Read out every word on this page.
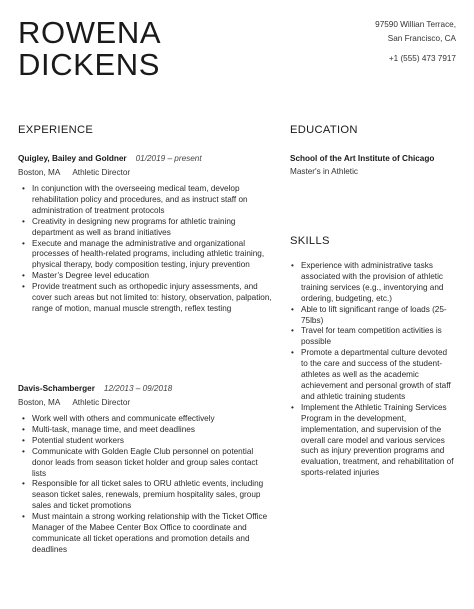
ROWENA
DICKENS
97590 Willian Terrace,
San Francisco, CA
+1 (555) 473 7917
EXPERIENCE
Quigley, Bailey and Goldner 01/2019 – present
Boston, MA Athletic Director
• In conjunction with the overseeing medical team, develop rehabilitation policy and procedures, and as instruct staff on administration of treatment protocols
• Creativity in designing new programs for athletic training department as well as brand initiatives
• Execute and manage the administrative and organizational processes of health-related programs, including athletic training, physical therapy, body composition testing, injury prevention
• Master’s Degree level education
• Provide treatment such as orthopedic injury assessments, and cover such areas but not limited to: history, observation, palpation, range of motion, manual muscle strength, reflex testing
Davis-Schamberger 12/2013 – 09/2018
Boston, MA Athletic Director
• Work well with others and communicate effectively
• Multi-task, manage time, and meet deadlines
• Potential student workers
• Communicate with Golden Eagle Club personnel on potential donor leads from season ticket holder and group sales contact lists
• Responsible for all ticket sales to ORU athletic events, including season ticket sales, renewals, premium hospitality sales, group sales and ticket promotions
• Must maintain a strong working relationship with the Ticket Office Manager of the Mabee Center Box Office to coordinate and communicate all ticket operations and promotion details and deadlines
EDUCATION
School of the Art Institute of Chicago
Master's in Athletic
SKILLS
• Experience with administrative tasks associated with the provision of athletic training services (e.g., inventorying and ordering, budgeting, etc.)
• Able to lift significant range of loads (25-75lbs)
• Travel for team competition activities is possible
• Promote a departmental culture devoted to the care and success of the student-athletes as well as the academic achievement and personal growth of staff and athletic training students
• Implement the Athletic Training Services Program in the development, implementation, and supervision of the overall care model and various services such as injury prevention programs and evaluation, treatment, and rehabilitation of sports-related injuries
